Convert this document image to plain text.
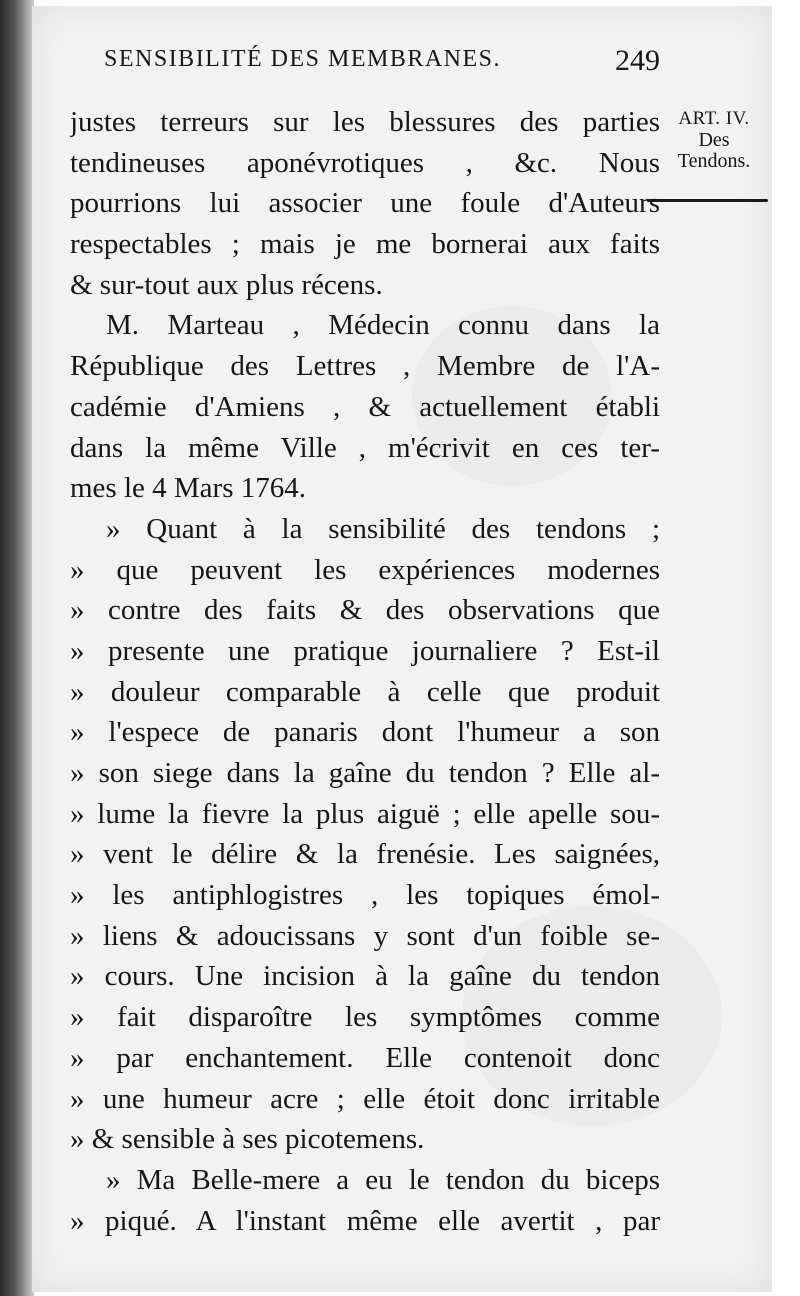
SENSIBILITÉ DES MEMBRANES.	249
ART. IV.
Des
Tendons.
justes terreurs sur les blessures des parties
tendineuses aponévrotiques , &c. Nous
pourrions lui associer une foule d'Auteurs
respectables ; mais je me bornerai aux faits
& sur-tout aux plus récens.
M. Marteau , Médecin connu dans la
République des Lettres , Membre de l'A-
cadémie d'Amiens , & actuellement établi
dans la même Ville , m'écrivit en ces ter-
mes le 4 Mars 1764.
» Quant à la sensibilité des tendons ;
» que peuvent les expériences modernes
» contre des faits & des observations que
» presente une pratique journaliere ? Est-il
» douleur comparable à celle que produit
» l'espece de panaris dont l'humeur a son
» son siege dans la gaîne du tendon ? Elle al-
» lume la fievre la plus aiguë ; elle apelle sou-
» vent le délire & la frenésie. Les saignées,
» les antiphlogistres , les topiques émol-
» liens & adoucissans y sont d'un foible se-
» cours. Une incision à la gaîne du tendon
» fait disparoître les symptômes comme
» par enchantement. Elle contenoit donc
» une humeur acre ; elle étoit donc irritable
» & sensible à ses picotemens.
» Ma Belle-mere a eu le tendon du biceps
» piqué. A l'instant même elle avertit , par
